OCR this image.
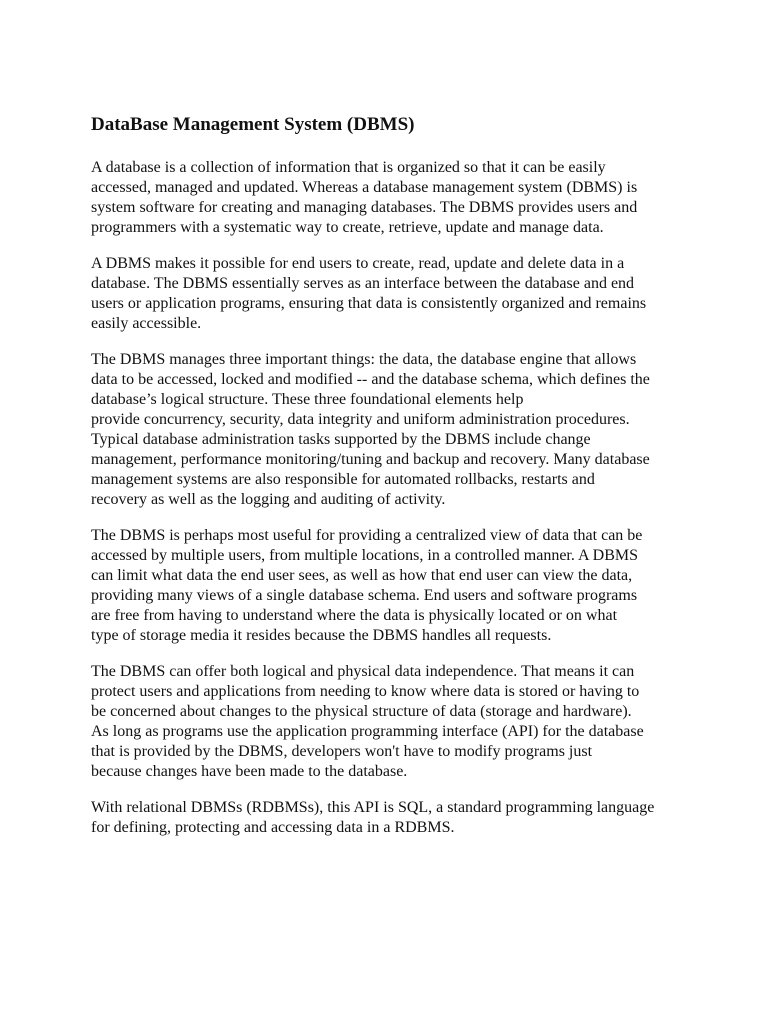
DataBase Management System (DBMS)

A database is a collection of information that is organized so that it can be easily

accessed, managed and updated. Whereas a database management system (DBMS) is

system software for creating and managing databases. The DBMS provides users and

programmers with a systematic way to create, retrieve, update and manage data.

A DBMS makes it possible for end users to create, read, update and delete data in a

database. The DBMS essentially serves as an interface between the database and end

users or application programs, ensuring that data is consistently organized and remains

easily accessible.

The DBMS manages three important things: the data, the database engine that allows

data to be accessed, locked and modified -- and the database schema, which defines the

database’s logical structure. These three foundational elements help

provide concurrency, security, data integrity and uniform administration procedures.

Typical database administration tasks supported by the DBMS include change

management, performance monitoring/tuning and backup and recovery. Many database

management systems are also responsible for automated rollbacks, restarts and

recovery as well as the logging and auditing of activity.

The DBMS is perhaps most useful for providing a centralized view of data that can be

accessed by multiple users, from multiple locations, in a controlled manner. A DBMS

can limit what data the end user sees, as well as how that end user can view the data,

providing many views of a single database schema. End users and software programs

are free from having to understand where the data is physically located or on what

type of storage media it resides because the DBMS handles all requests.

The DBMS can offer both logical and physical data independence. That means it can

protect users and applications from needing to know where data is stored or having to

be concerned about changes to the physical structure of data (storage and hardware).

As long as programs use the application programming interface (API) for the database

that is provided by the DBMS, developers won't have to modify programs just

because changes have been made to the database.

With relational DBMSs (RDBMSs), this API is SQL, a standard programming language

for defining, protecting and accessing data in a RDBMS.
